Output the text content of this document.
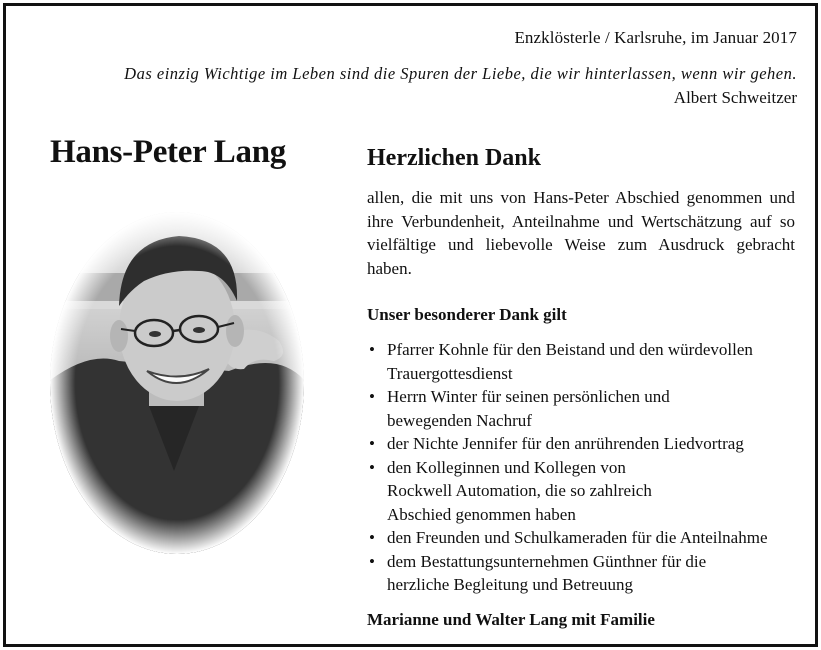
Enzklösterle / Karlsruhe, im Januar 2017
Das einzig Wichtige im Leben sind die Spuren der Liebe, die wir hinterlassen, wenn wir gehen.
Albert Schweitzer
Hans-Peter Lang	Herzlichen Dank
allen, die mit uns von Hans-Peter Abschied genommen und ihre Verbundenheit, Anteilnahme und Wertschätzung auf so vielfältige und liebevolle Weise zum Ausdruck gebracht haben.
Unser besonderer Dank gilt
• Pfarrer Kohnle für den Beistand und den würdevollen
Trauergottesdienst
• Herrn Winter für seinen persönlichen und
bewegenden Nachruf
• der Nichte Jennifer für den anrührenden Liedvortrag
• den Kolleginnen und Kollegen von
Rockwell Automation, die so zahlreich
Abschied genommen haben
• den Freunden und Schulkameraden für die Anteilnahme
• dem Bestattungsunternehmen Günthner für die
herzliche Begleitung und Betreuung
Marianne und Walter Lang mit Familie
